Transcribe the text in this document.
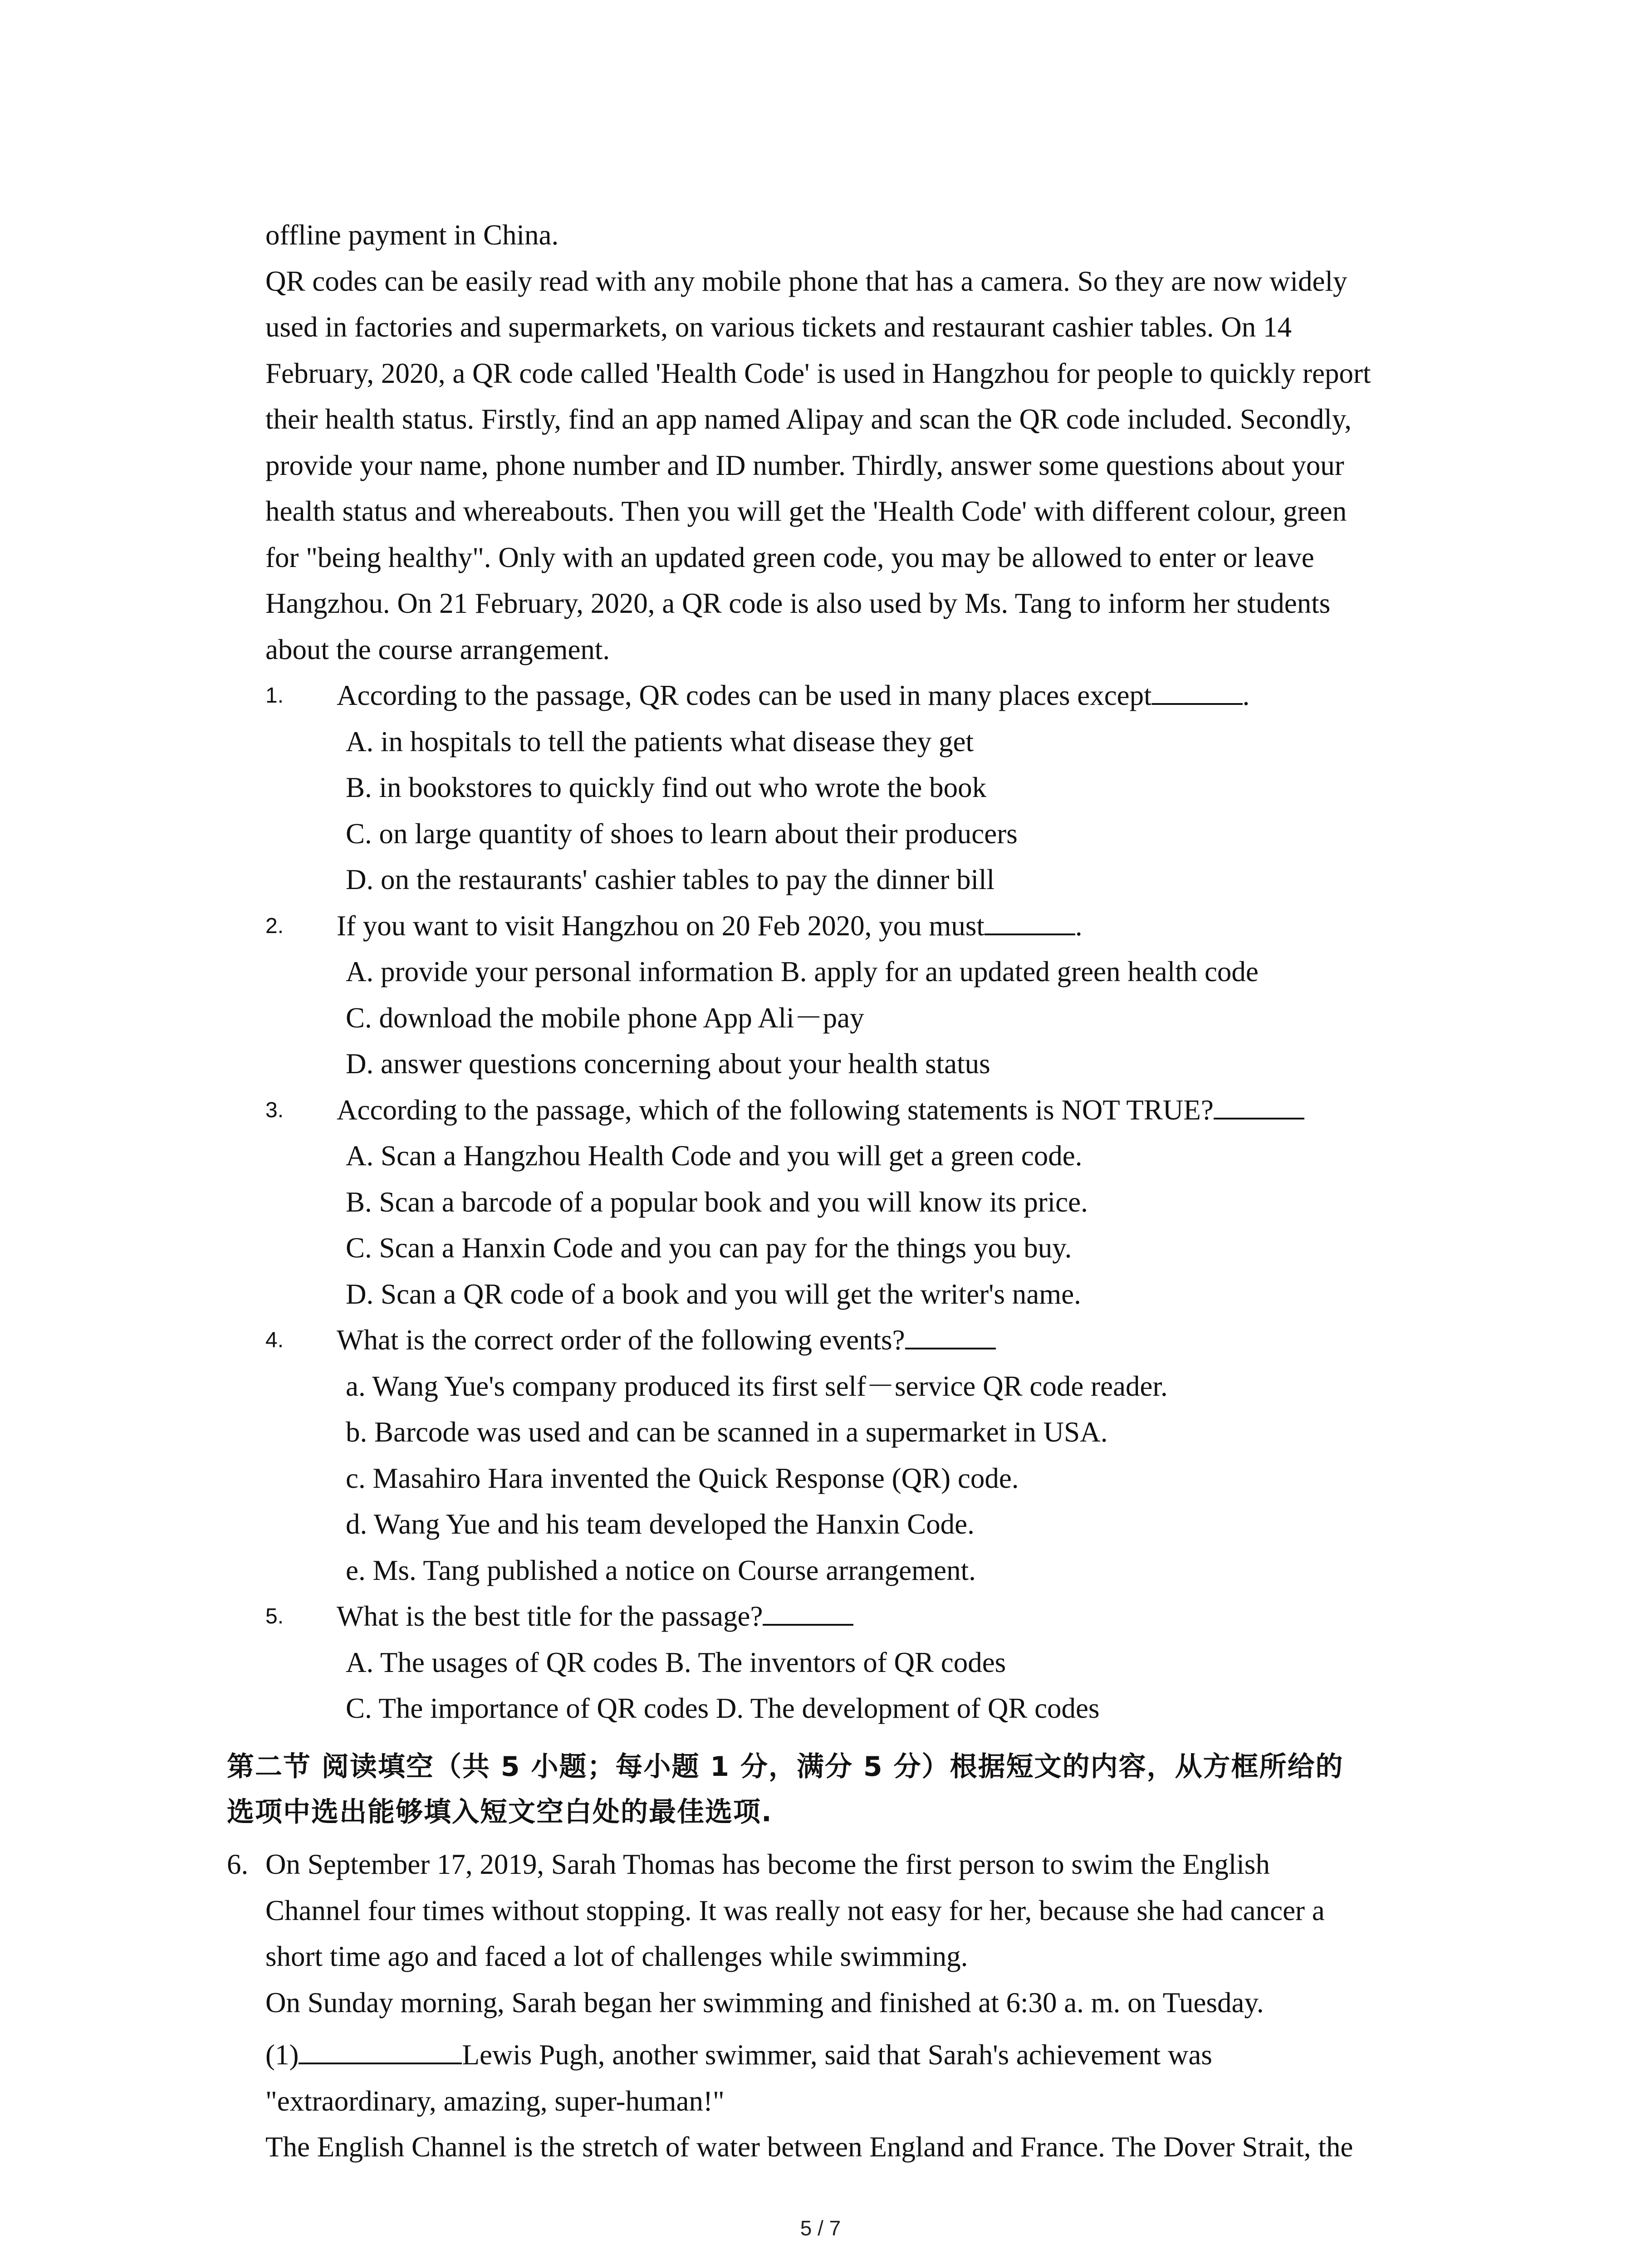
offline payment in China.
QR codes can be easily read with any mobile phone that has a camera. So they are now widely
used in factories and supermarkets, on various tickets and restaurant cashier tables. On 14
February, 2020, a QR code called 'Health Code' is used in Hangzhou for people to quickly report
their health status. Firstly, find an app named Alipay and scan the QR code included. Secondly,
provide your name, phone number and ID number. Thirdly, answer some questions about your
health status and whereabouts. Then you will get the 'Health Code' with different colour, green
for "being healthy". Only with an updated green code, you may be allowed to enter or leave
Hangzhou. On 21 February, 2020, a QR code is also used by Ms. Tang to inform her students
about the course arrangement.
1. According to the passage, QR codes can be used in many places except	.
A. in hospitals to tell the patients what disease they get
B. in bookstores to quickly find out who wrote the book
C. on large quantity of shoes to learn about their producers
D. on the restaurants' cashier tables to pay the dinner bill
2. If you want to visit Hangzhou on 20 Feb 2020, you must	.
A. provide your personal information B. apply for an updated green health code
C. download the mobile phone App Ali－pay
D. answer questions concerning about your health status
3. According to the passage, which of the following statements is NOT TRUE?
A. Scan a Hangzhou Health Code and you will get a green code.
B. Scan a barcode of a popular book and you will know its price.
C. Scan a Hanxin Code and you can pay for the things you buy.
D. Scan a QR code of a book and you will get the writer's name.
4. What is the correct order of the following events?
a. Wang Yue's company produced its first self－service QR code reader.
b. Barcode was used and can be scanned in a supermarket in USA.
c. Masahiro Hara invented the Quick Response (QR) code.
d. Wang Yue and his team developed the Hanxin Code.
e. Ms. Tang published a notice on Course arrangement.
5. What is the best title for the passage?
A. The usages of QR codes B. The inventors of QR codes
C. The importance of QR codes D. The development of QR codes
第二节 阅读填空（共 5 小题；每小题 1 分，满分 5 分）根据短文的内容，从方框所给的
选项中选出能够填入短文空白处的最佳选项.
6. On September 17, 2019, Sarah Thomas has become the first person to swim the English
Channel four times without stopping. It was really not easy for her, because she had cancer a
short time ago and faced a lot of challenges while swimming.
On Sunday morning, Sarah began her swimming and finished at 6:30 a. m. on Tuesday.
(1)	Lewis Pugh, another swimmer, said that Sarah's achievement was
"extraordinary, amazing, super-human!"
The English Channel is the stretch of water between England and France. The Dover Strait, the
5 / 7
